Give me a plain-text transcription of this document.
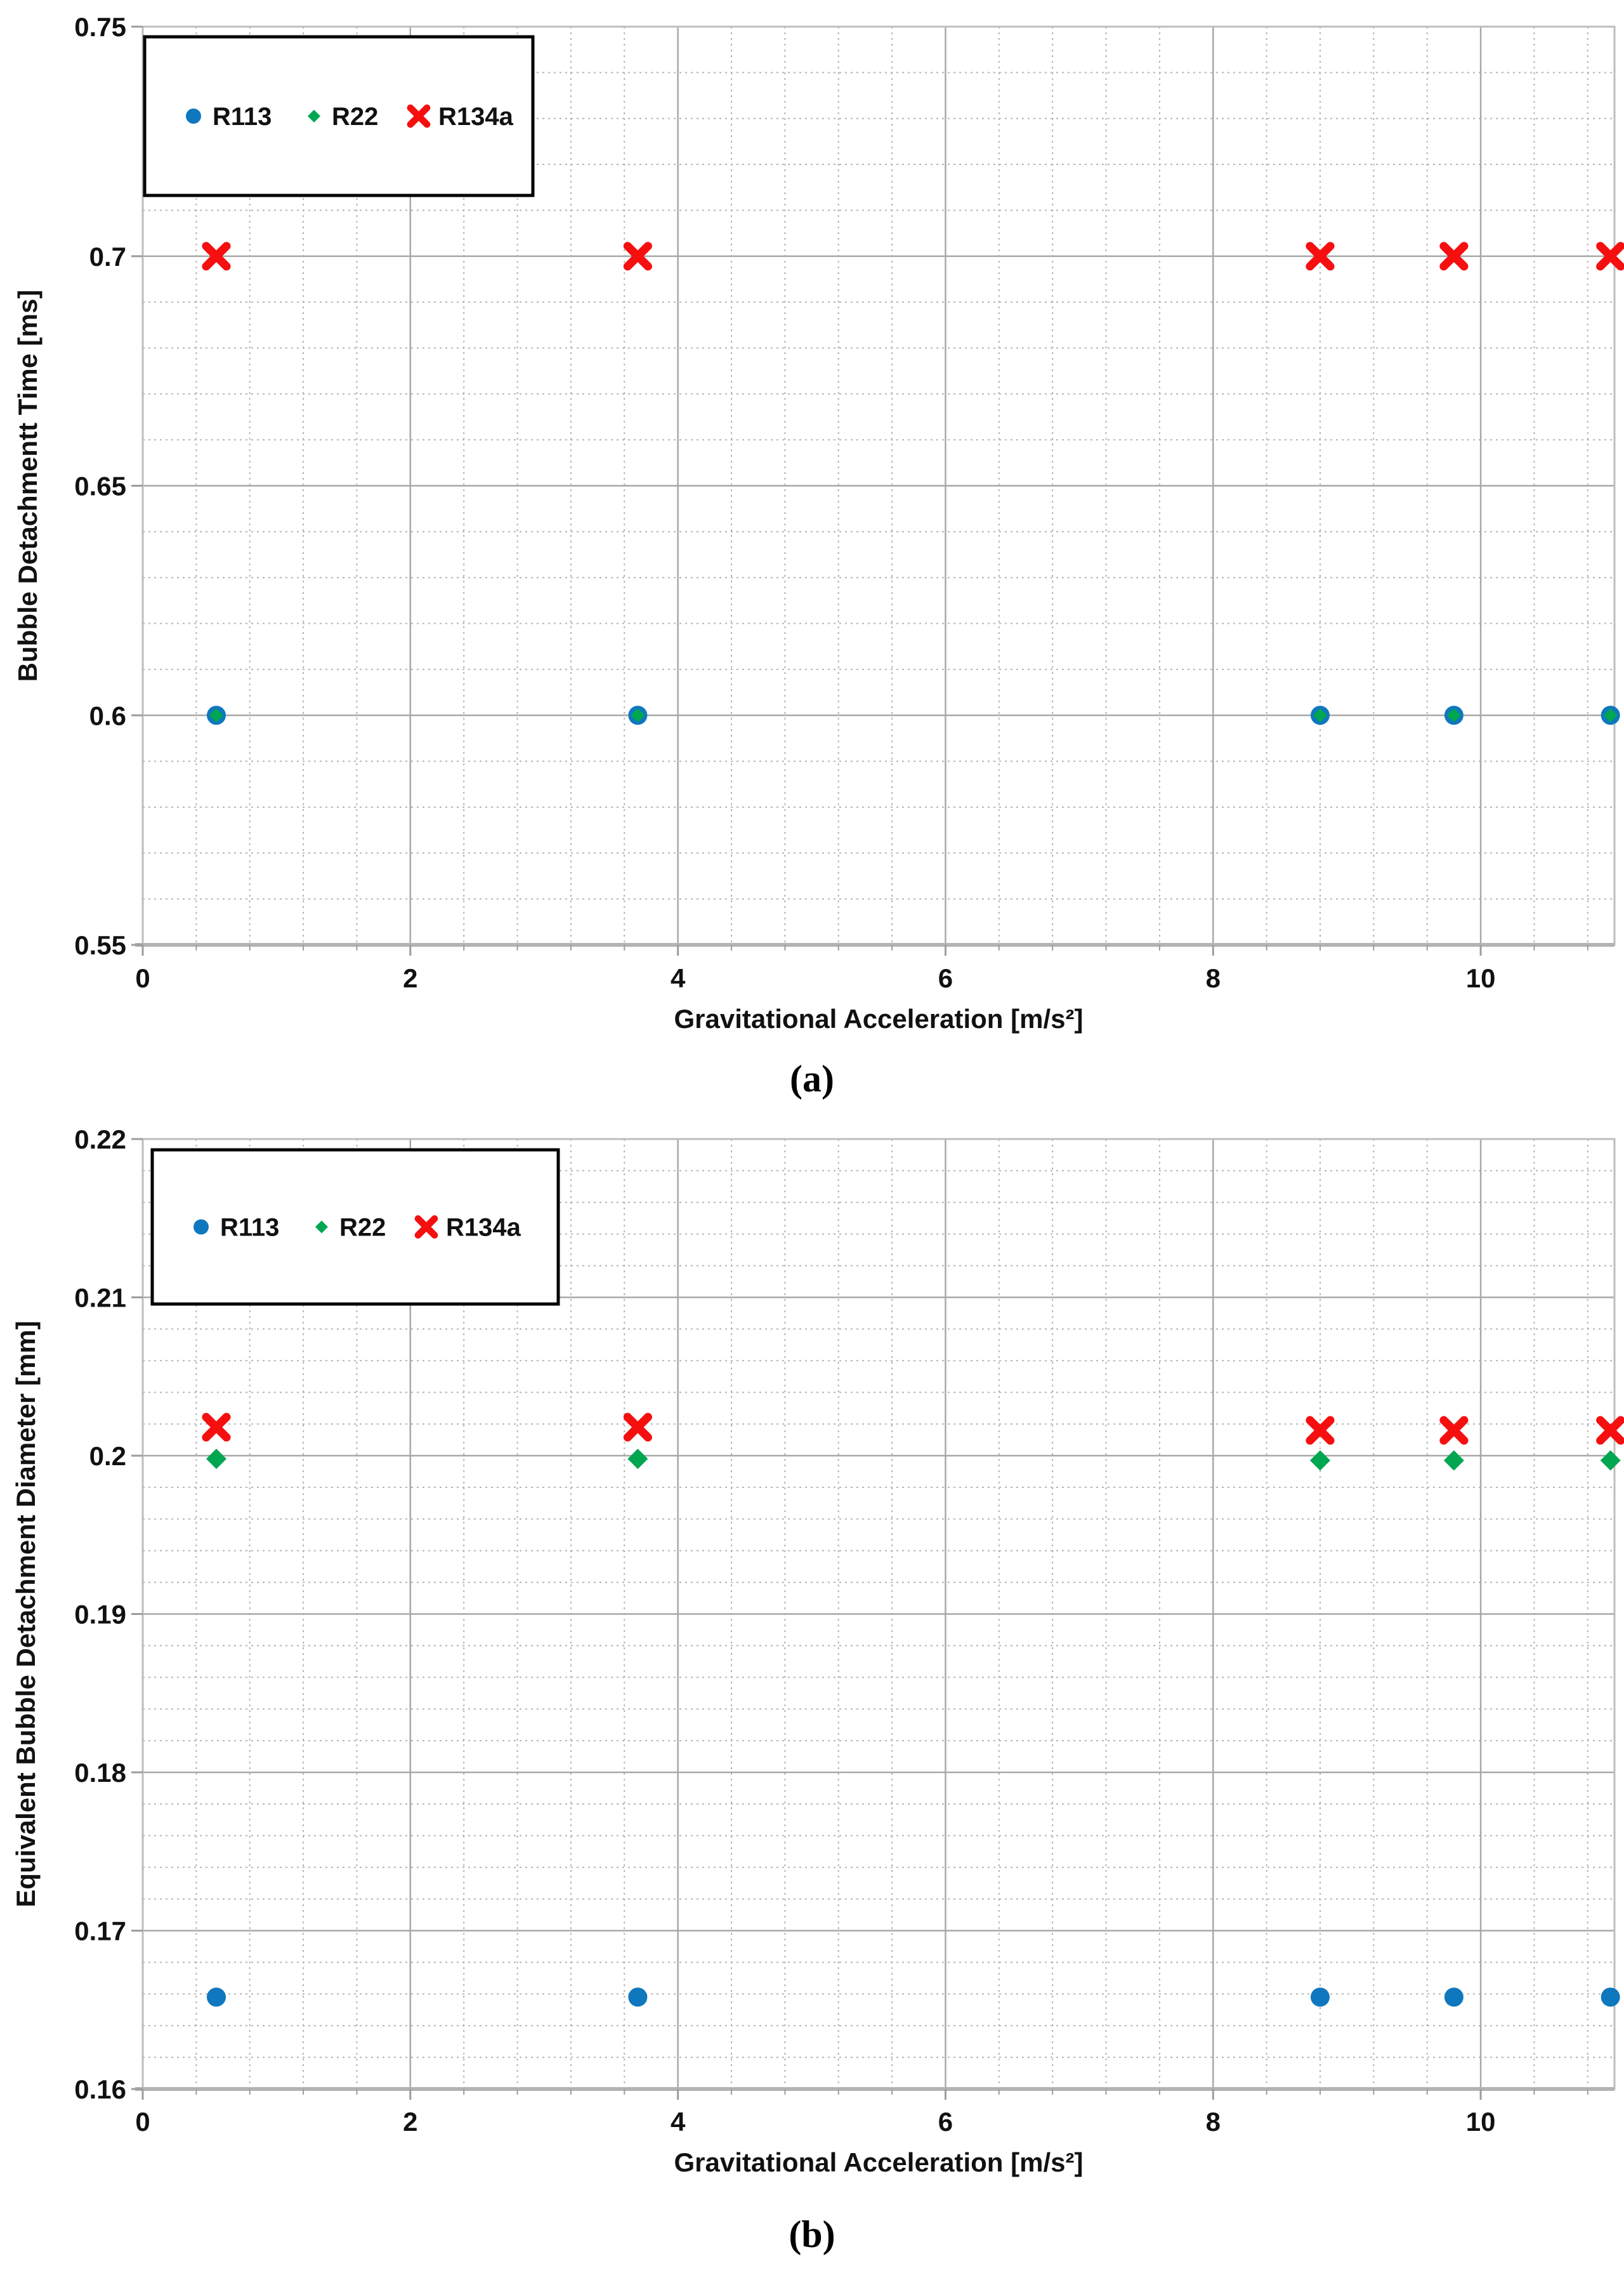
0.55
0.6
0.65
0.7
0.75
0	2	4	6	8	10
Gravitational Acceleration [m/s²]
Bubble Detachmentt Time [ms]
R113 R22 R134a
(a)
0.16
0.17
0.18
0.19
0.2
0.21
0.22
0	2	4	6	8	10
Gravitational Acceleration [m/s²]
Equivalent Bubble Detachment Diameter [mm]
R113 R22 R134a
(b)
